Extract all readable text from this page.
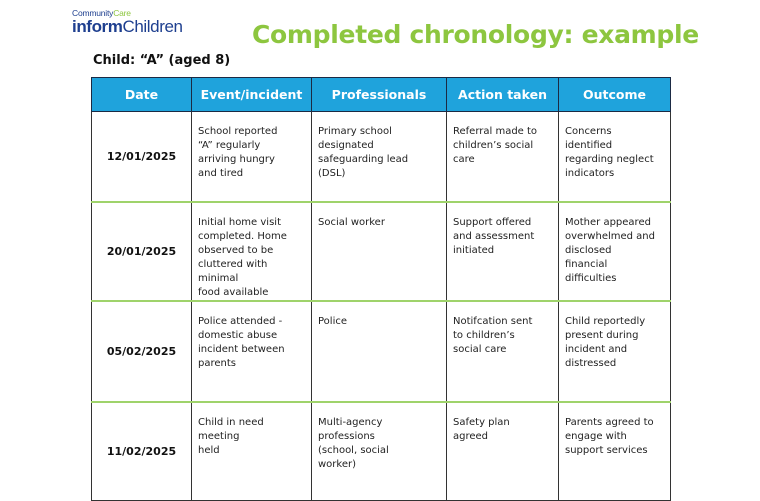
CommunityCare
informChildren	Completed chronology: example
Child: “A” (aged 8)
Date	Event/incident	Professionals	Action taken	Outcome
12/01/2025	School reported
“A” regularly
arriving hungry
and tired	Primary school
designated
safeguarding lead
(DSL)	Referral made to
children’s social
care	Concerns
identified
regarding neglect
indicators

20/01/2025	Initial home visit
completed. Home
observed to be
cluttered with minimal
food available	Social worker	Support offered
and assessment
initiated	Mother appeared
overwhelmed and
disclosed
financial
difficulties

05/02/2025	Police attended -
domestic abuse
incident between
parents	Police	Notifcation sent
to children’s
social care	Child reportedly
present during
incident and
distressed

11/02/2025	Child in need meeting
held	Multi-agency
professions
(school, social
worker)	Safety plan
agreed	Parents agreed to
engage with
support services
